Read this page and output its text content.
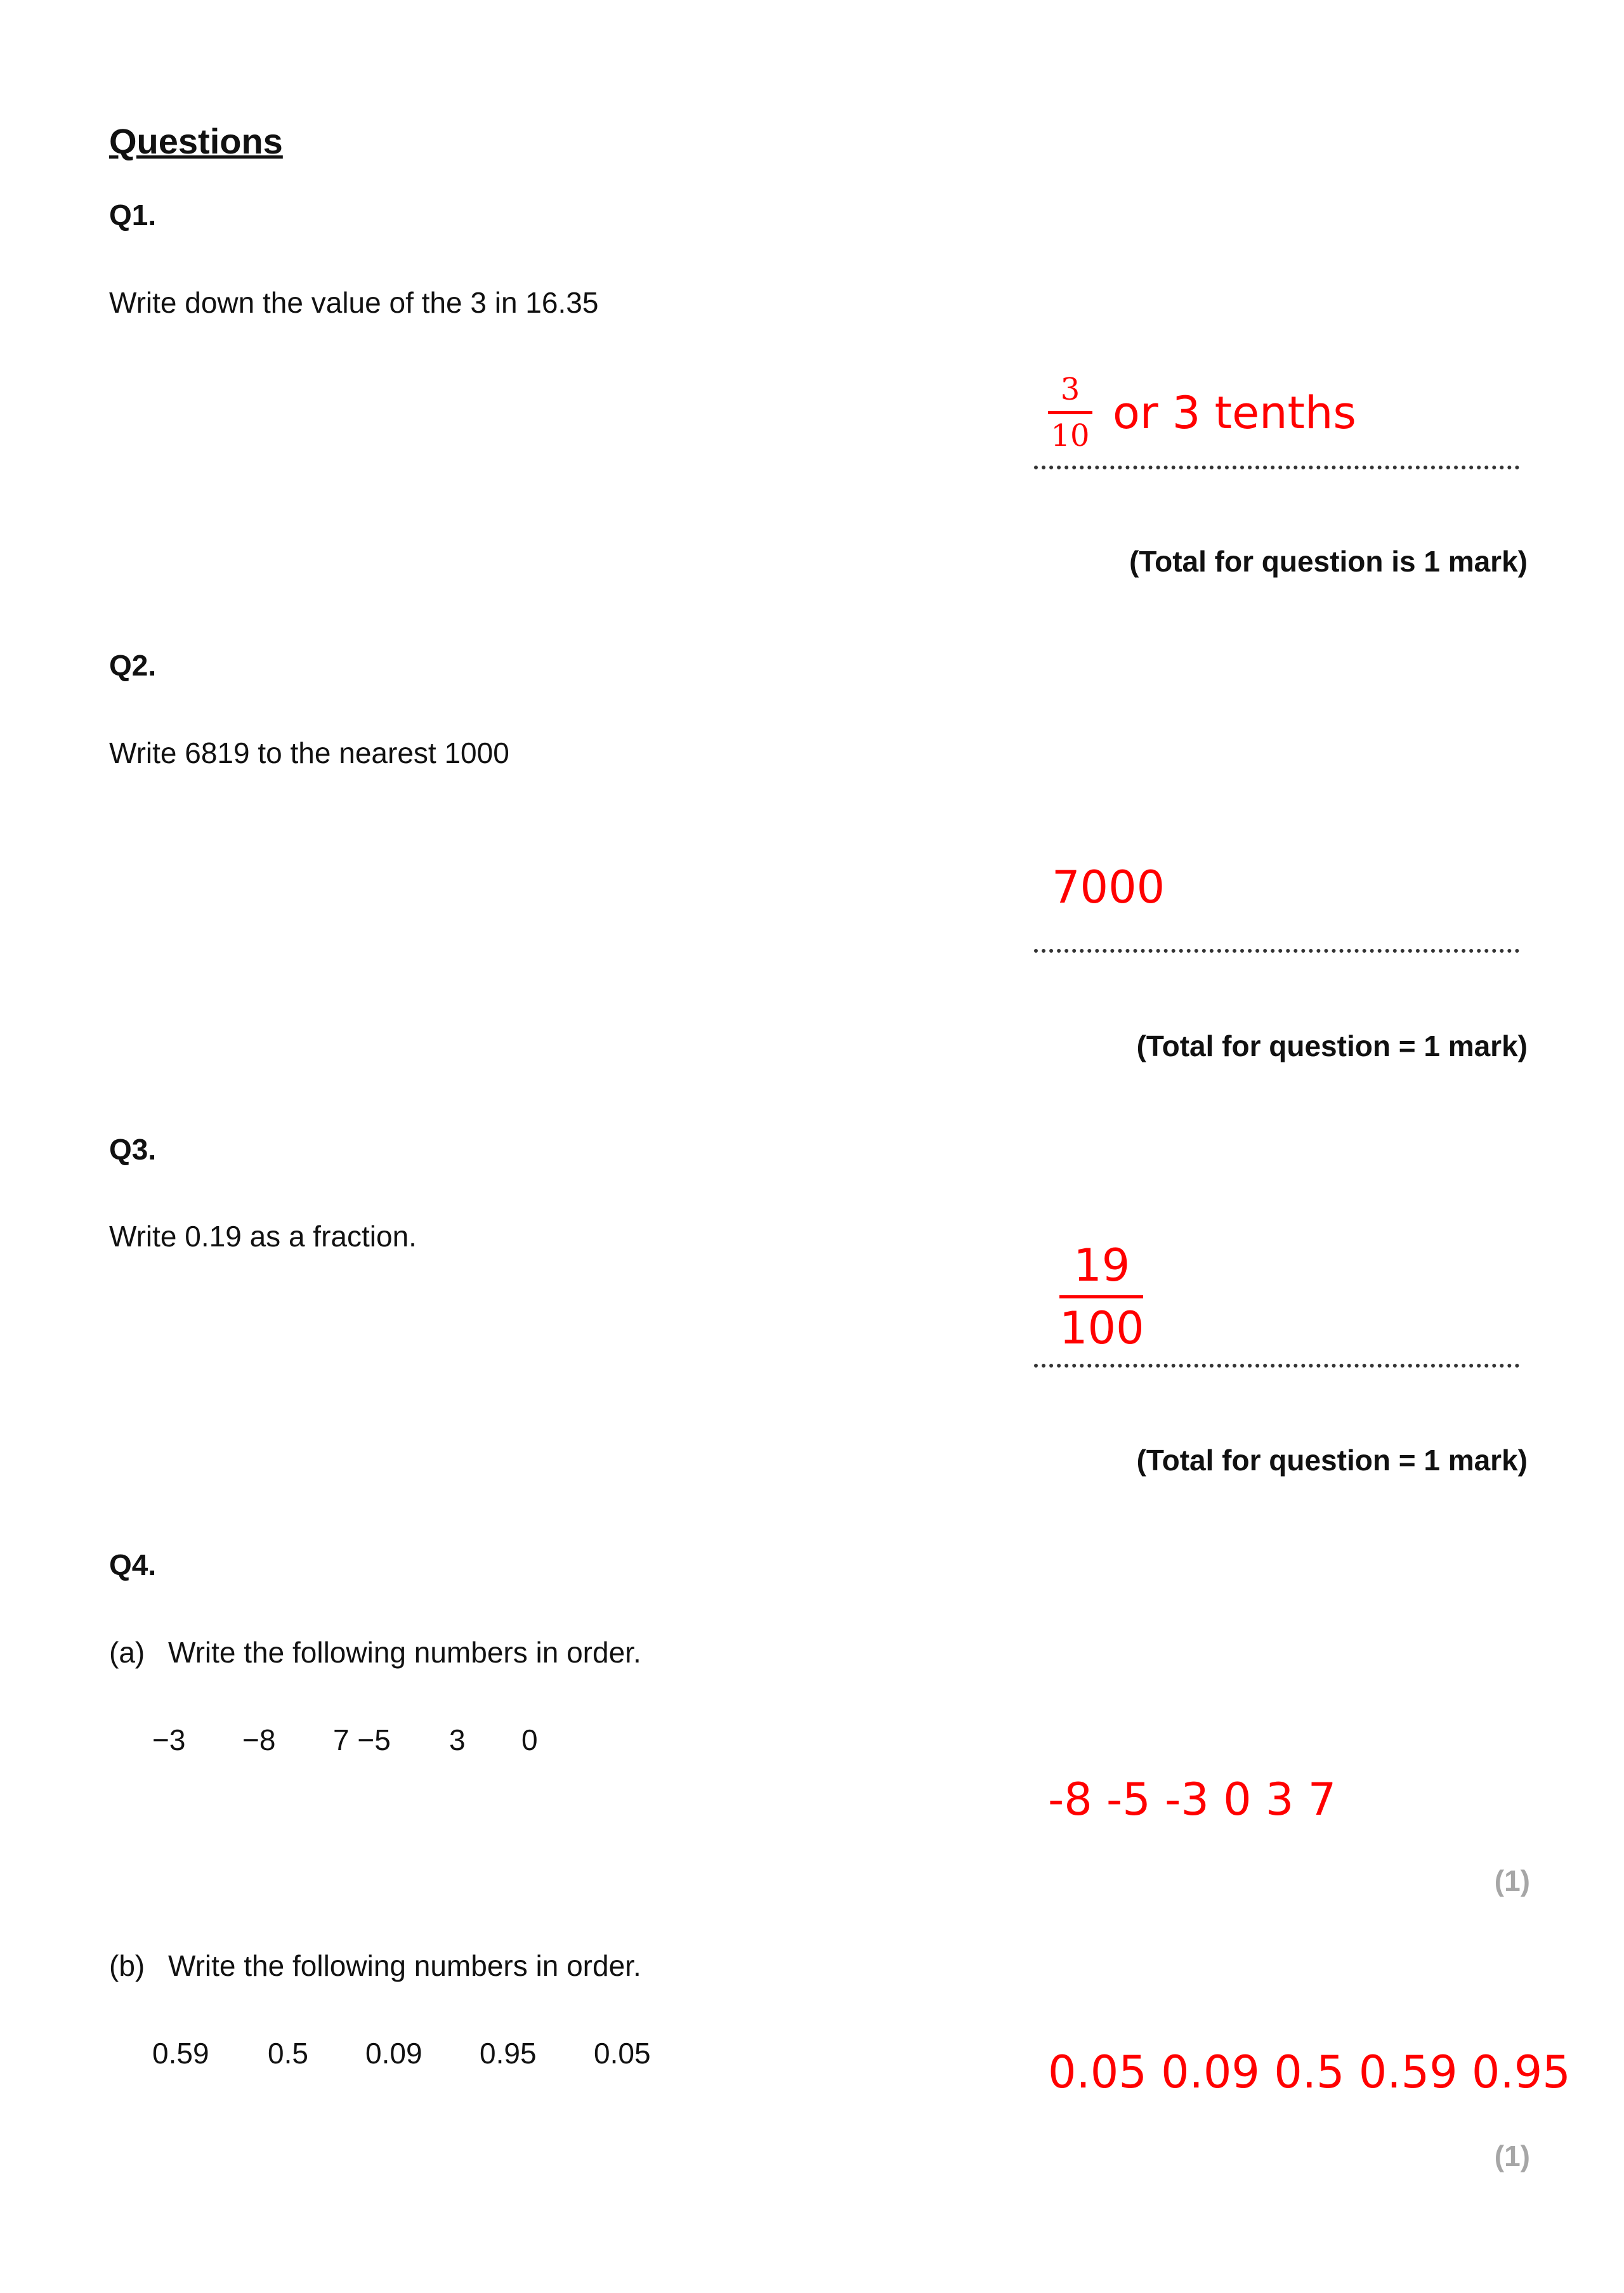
Questions
Q1.
Write down the value of the 3 in 16.35
3
10 or 3 tenths
(Total for question is 1 mark)
Q2.
Write 6819 to the nearest 1000
7000
(Total for question = 1 mark)
Q3.
Write 0.19 as a fraction.
19
100
(Total for question = 1 mark)
Q4.
(a) Write the following numbers in order.
−3 −8 7 −5 3 0
-8 -5 -3 0 3 7
(1)
(b) Write the following numbers in order.
0.59 0.5 0.09 0.95 0.05	0.05 0.09 0.5 0.59 0.95
(1)
